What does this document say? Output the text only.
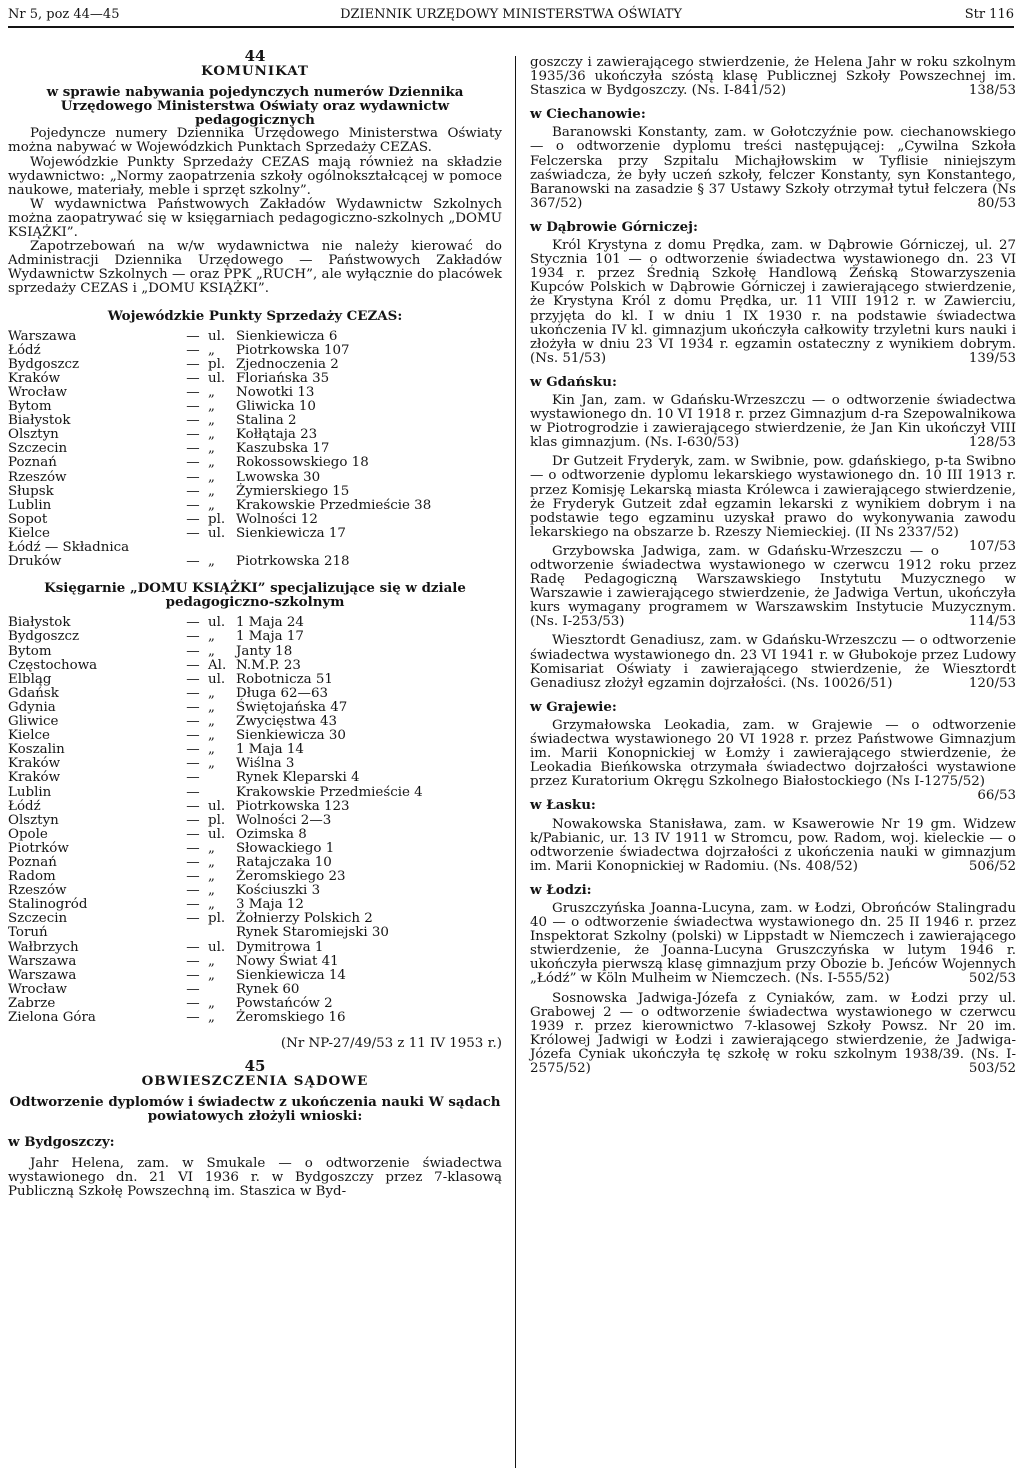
Nr 5, poz 44—45	DZIENNIK URZĘDOWY MINISTERSTWA OŚWIATY	Str 116

44

KOMUNIKAT

w sprawie nabywania pojedynczych numerów Dziennika Urzędowego Ministerstwa Oświaty oraz wydawnictw pedagogicznych

Pojedyncze numery Dziennika Urzędowego Ministerstwa Oświaty można nabywać w Wojewódzkich Punktach Sprzedaży CEZAS.

Wojewódzkie Punkty Sprzedaży CEZAS mają również na składzie wydawnictwo: „Normy zaopatrzenia szkoły ogólnokształcącej w pomoce naukowe, materiały, meble i sprzęt szkolny”.

W wydawnictwa Państwowych Zakładów Wydawnictw Szkolnych można zaopatrywać się w księgarniach pedagogiczno-szkolnych „DOMU KSIĄŻKI”.

Zapotrzebowań na w/w wydawnictwa nie należy kierować do Administracji Dziennika Urzędowego — Państwowych Zakładów Wydawnictw Szkolnych — oraz PPK „RUCH”, ale wyłącznie do placówek sprzedaży CEZAS i „DOMU KSIĄŻKI”.

Wojewódzkie Punkty Sprzedaży CEZAS:

Warszawa	—	ul.	Sienkiewicza 6
Łódź	—	„	Piotrkowska 107
Bydgoszcz	—	pl.	Zjednoczenia 2
Kraków	—	ul.	Floriańska 35
Wrocław	—	„	Nowotki 13
Bytom	—	„	Gliwicka 10
Białystok	—	„	Stalina 2
Olsztyn	—	„	Kołłątaja 23
Szczecin	—	„	Kaszubska 17
Poznań	—	„	Rokossowskiego 18
Rzeszów	—	„	Lwowska 30
Słupsk	—	„	Żymierskiego 15
Lublin	—	„	Krakowskie Przedmieście 38
Sopot	—	pl.	Wolności 12
Kielce	—	ul.	Sienkiewicza 17
Łódź — Składnica			
Druków	—	„	Piotrkowska 218

Księgarnie „DOMU KSIĄŻKI” specjalizujące się w dziale pedagogiczno-szkolnym

Białystok	—	ul.	1 Maja 24
Bydgoszcz	—	„	1 Maja 17
Bytom	—	„	Janty 18
Częstochowa	—	Al.	N.M.P. 23
Elbląg	—	ul.	Robotnicza 51
Gdańsk	—	„	Długa 62—63
Gdynia	—	„	Świętojańska 47
Gliwice	—	„	Zwycięstwa 43
Kielce	—	„	Sienkiewicza 30
Koszalin	—	„	1 Maja 14
Kraków	—	„	Wiślna 3
Kraków	—		Rynek Kleparski 4
Lublin	—		Krakowskie Przedmieście 4
Łódź	—	ul.	Piotrkowska 123
Olsztyn	—	pl.	Wolności 2—3
Opole	—	ul.	Ozimska 8
Piotrków	—	„	Słowackiego 1
Poznań	—	„	Ratajczaka 10
Radom	—	„	Żeromskiego 23
Rzeszów	—	„	Kościuszki 3
Stalinogród	—	„	3 Maja 12
Szczecin	—	pl.	Żołnierzy Polskich 2
Toruń			Rynek Staromiejski 30
Wałbrzych	—	ul.	Dymitrowa 1
Warszawa	—	„	Nowy Świat 41
Warszawa	—	„	Sienkiewicza 14
Wrocław	—		Rynek 60
Zabrze	—	„	Powstańców 2
Zielona Góra	—	„	Żeromskiego 16

(Nr NP-27/49/53 z 11 IV 1953 r.)

45

OBWIESZCZENIA SĄDOWE

Odtworzenie dyplomów i świadectw z ukończenia nauki W sądach powiatowych złożyli wnioski:

w Bydgoszczy:

Jahr Helena, zam. w Smukale — o odtworzenie świadectwa wystawionego dn. 21 VI 1936 r. w Bydgoszczy przez 7-klasową Publiczną Szkołę Powszechną im. Staszica w Byd-

goszczy i zawierającego stwierdzenie, że Helena Jahr w roku szkolnym 1935/36 ukończyła szóstą klasę Publicznej Szkoły Powszechnej im. Staszica w Bydgoszczy. (Ns. I-841/52)	138/53

w Ciechanowie:

Baranowski Konstanty, zam. w Gołotczyźnie pow. ciechanowskiego — o odtworzenie dyplomu treści następującej: „Cywilna Szkoła Felczerska przy Szpitalu Michajłowskim w Tyflisie niniejszym zaświadcza, że były uczeń szkoły, felczer Konstanty, syn Konstantego, Baranowski na zasadzie § 37 Ustawy Szkoły otrzymał tytuł felczera (Ns 367/52)	80/53

w Dąbrowie Górniczej:

Król Krystyna z domu Prędka, zam. w Dąbrowie Górniczej, ul. 27 Stycznia 101 — o odtworzenie świadectwa wystawionego dn. 23 VI 1934 r. przez Średnią Szkołę Handlową Żeńską Stowarzyszenia Kupców Polskich w Dąbrowie Górniczej i zawierającego stwierdzenie, że Krystyna Król z domu Prędka, ur. 11 VIII 1912 r. w Zawierciu, przyjęta do kl. I w dniu 1 IX 1930 r. na podstawie świadectwa ukończenia IV kl. gimnazjum ukończyła całkowity trzyletni kurs nauki i złożyła w dniu 23 VI 1934 r. egzamin ostateczny z wynikiem dobrym. (Ns. 51/53)	139/53

w Gdańsku:

Kin Jan, zam. w Gdańsku-Wrzeszczu — o odtworzenie świadectwa wystawionego dn. 10 VI 1918 r. przez Gimnazjum d-ra Szepowalnikowa w Piotrogrodzie i zawierającego stwierdzenie, że Jan Kin ukończył VIII klas gimnazjum. (Ns. I-630/53)	128/53

Dr Gutzeit Fryderyk, zam. w Swibnie, pow. gdańskiego, p-ta Swibno — o odtworzenie dyplomu lekarskiego wystawionego dn. 10 III 1913 r. przez Komisję Lekarską miasta Królewca i zawierającego stwierdzenie, że Fryderyk Gutzeit zdał egzamin lekarski z wynikiem dobrym i na podstawie tego egzaminu uzyskał prawo do wykonywania zawodu lekarskiego na obszarze b. Rzeszy Niemieckiej. (II Ns 2337/52)
107/53

Grzybowska Jadwiga, zam. w Gdańsku-Wrzeszczu — o odtworzenie świadectwa wystawionego w czerwcu 1912 roku przez Radę Pedagogiczną Warszawskiego Instytutu Muzycznego w Warszawie i zawierającego stwierdzenie, że Jadwiga Vertun, ukończyła kurs wymagany programem w Warszawskim Instytucie Muzycznym. (Ns. I-253/53)	114/53

Wiesztordt Genadiusz, zam. w Gdańsku-Wrzeszczu — o odtworzenie świadectwa wystawionego dn. 23 VI 1941 r. w Głubokoje przez Ludowy Komisariat Oświaty i zawierającego stwierdzenie, że Wiesztordt Genadiusz złożył egzamin dojrzałości. (Ns. 10026/51)	120/53

w Grajewie:

Grzymałowska Leokadia, zam. w Grajewie — o odtworzenie świadectwa wystawionego 20 VI 1928 r. przez Państwowe Gimnazjum im. Marii Konopnickiej w Łomży i zawierającego stwierdzenie, że Leokadia Bieńkowska otrzymała świadectwo dojrzałości wystawione przez Kuratorium Okręgu Szkolnego Białostockiego (Ns I-1275/52)
66/53

w Łasku:

Nowakowska Stanisława, zam. w Ksawerowie Nr 19 gm. Widzew k/Pabianic, ur. 13 IV 1911 w Stromcu, pow. Radom, woj. kieleckie — o odtworzenie świadectwa dojrzałości z ukończenia nauki w gimnazjum im. Marii Konopnickiej w Radomiu. (Ns. 408/52)	506/52

w Łodzi:

Gruszczyńska Joanna-Lucyna, zam. w Łodzi, Obrońców Stalingradu 40 — o odtworzenie świadectwa wystawionego dn. 25 II 1946 r. przez Inspektorat Szkolny (polski) w Lippstadt w Niemczech i zawierającego stwierdzenie, że Joanna-Lucyna Gruszczyńska w lutym 1946 r. ukończyła pierwszą klasę gimnazjum przy Obozie b. Jeńców Wojennych „Łódź” w Köln Mulheim w Niemczech. (Ns. I-555/52)	502/53

Sosnowska Jadwiga-Józefa z Cyniaków, zam. w Łodzi przy ul. Grabowej 2 — o odtworzenie świadectwa wystawionego w czerwcu 1939 r. przez kierownictwo 7-klasowej Szkoły Powsz. Nr 20 im. Królowej Jadwigi w Łodzi i zawierającego stwierdzenie, że Jadwiga-Józefa Cyniak ukończyła tę szkołę w roku szkolnym 1938/39. (Ns. I-2575/52)	503/52
